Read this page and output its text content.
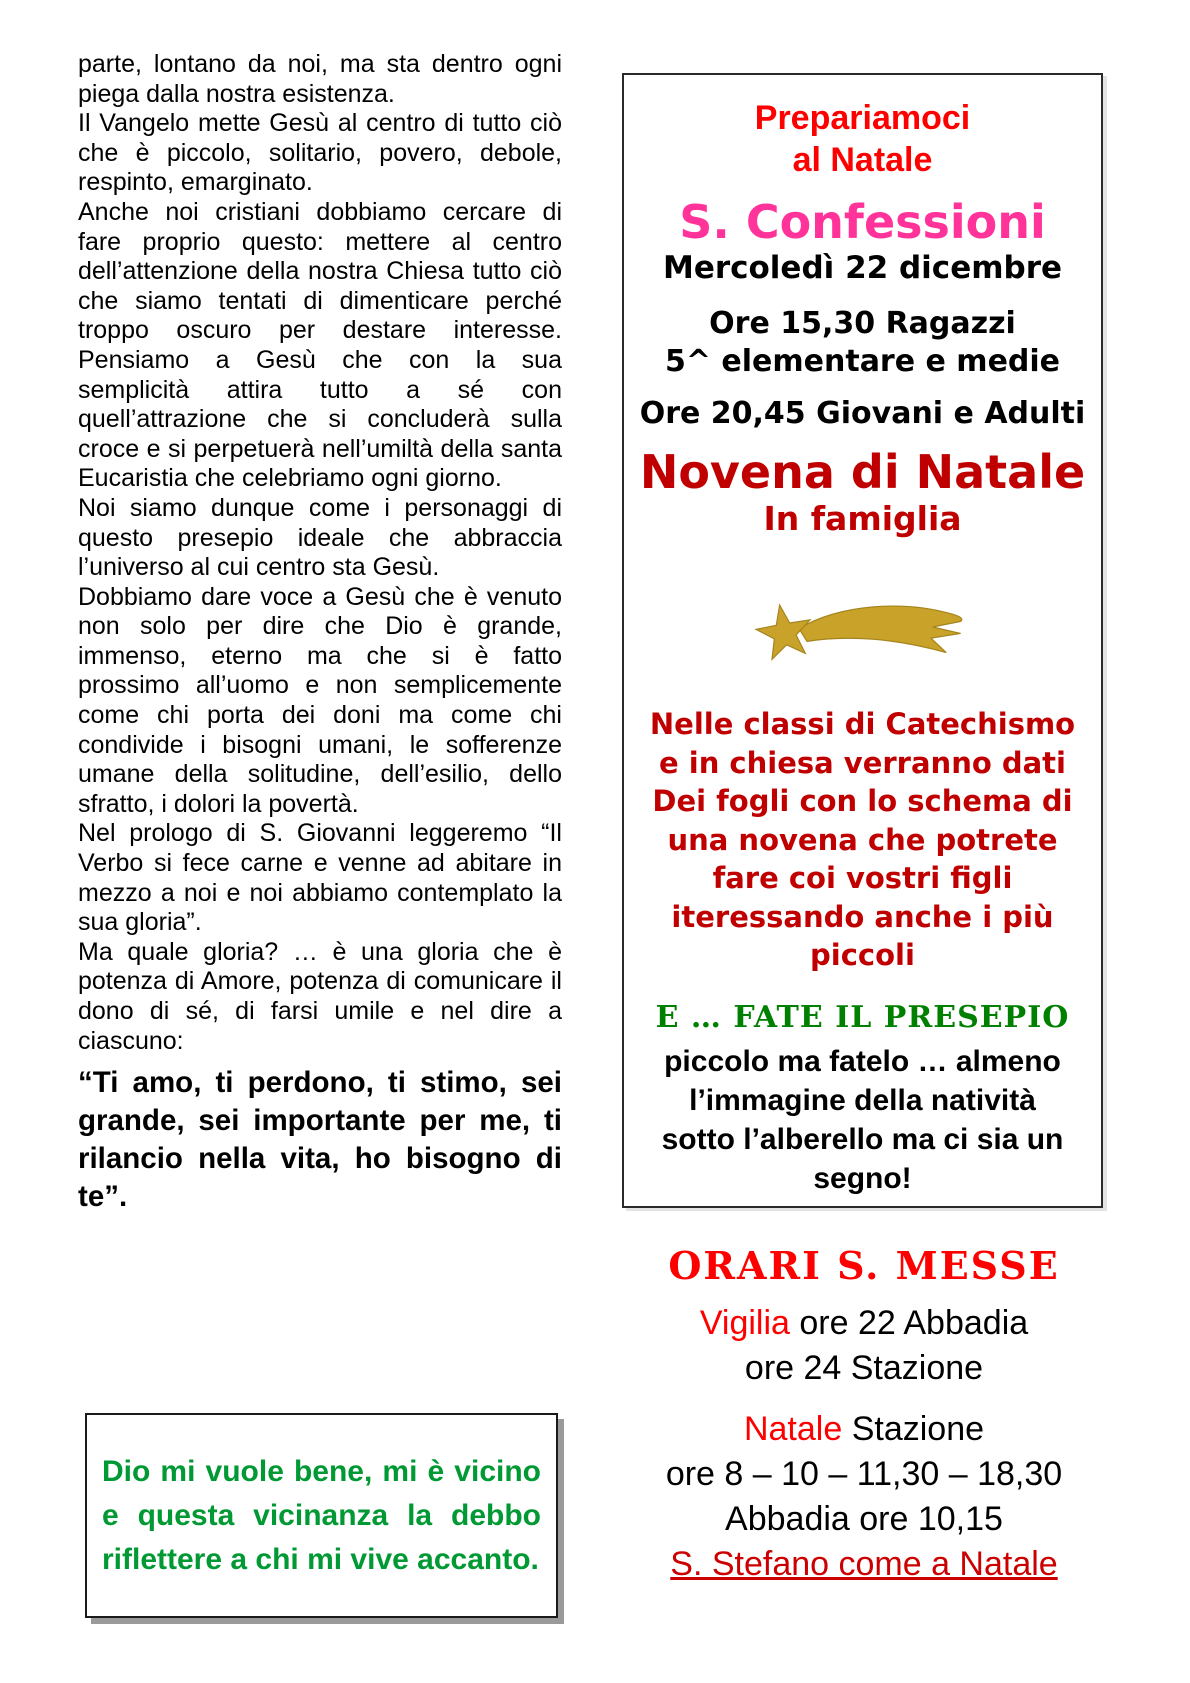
parte, lontano da noi, ma sta dentro ogni piega dalla nostra esistenza.

Il Vangelo mette Gesù al centro di tutto ciò che è piccolo, solitario, povero, debole, respinto, emarginato.

Anche noi cristiani dobbiamo cercare di fare proprio questo: mettere al centro dell’attenzione della nostra Chiesa tutto ciò che siamo tentati di dimenticare perché troppo oscuro per destare interesse. Pensiamo a Gesù che con la sua semplicità attira tutto a sé con quell’attrazione che si concluderà sulla croce e si perpetuerà nell’umiltà della santa Eucaristia che celebriamo ogni giorno.

Noi siamo dunque come i personaggi di questo presepio ideale che abbraccia l’universo al cui centro sta Gesù.

Dobbiamo dare voce a Gesù che è venuto non solo per dire che Dio è grande, immenso, eterno ma che si è fatto prossimo all’uomo e non semplicemente come chi porta dei doni ma come chi condivide i bisogni umani, le sofferenze umane della solitudine, dell’esilio, dello sfratto, i dolori la povertà.

Nel prologo di S. Giovanni leggeremo “Il Verbo si fece carne e venne ad abitare in mezzo a noi e noi abbiamo contemplato la sua gloria”.

Ma quale gloria? … è una gloria che è potenza di Amore, potenza di comunicare il dono di sé, di farsi umile e nel dire a ciascuno:

“Ti amo, ti perdono, ti stimo, sei grande, sei importante per me, ti rilancio nella vita, ho bisogno di te”.

Dio mi vuole bene, mi è vicino e questa vicinanza la debbo riflettere a chi mi vive accanto.

Prepariamoci
al Natale
S. Confessioni
Mercoledì 22 dicembre
Ore 15,30 Ragazzi
5^ elementare e medie
Ore 20,45 Giovani e Adulti
Novena di Natale
In famiglia
Nelle classi di Catechismo e in chiesa verranno dati Dei fogli con lo schema di una novena che potrete fare coi vostri figli iteressando anche i più piccoli
E … FATE IL PRESEPIO
piccolo ma fatelo … almeno l’immagine della natività sotto l’alberello ma ci sia un segno!
ORARI S. MESSE
Vigilia ore 22 Abbadia
ore 24 Stazione
Natale Stazione
ore 8 – 10 – 11,30 – 18,30
Abbadia ore 10,15
S. Stefano come a Natale
